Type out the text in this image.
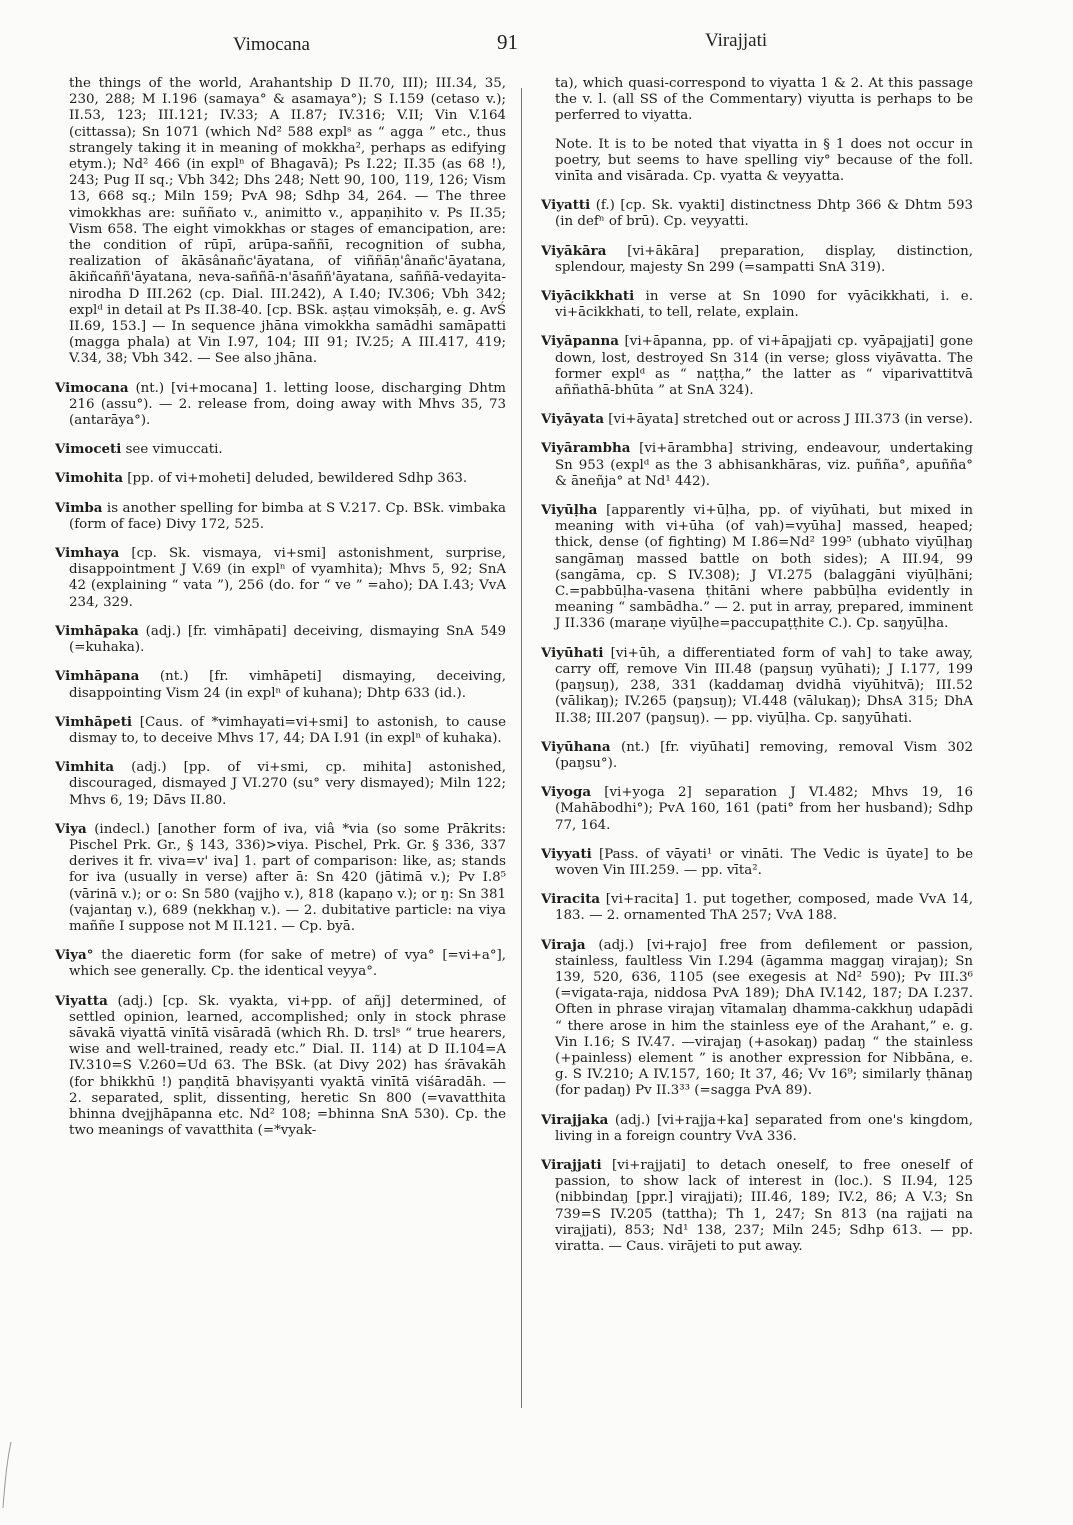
Vimocana	91	Virajjati

the things of the world, Arahantship D II.70, III); III.34, 35, 230, 288; M I.196 (samaya° & asamaya°); S I.159 (cetaso v.); II.53, 123; III.121; IV.33; A II.87; IV.316; V.II; Vin V.164 (cittassa); Sn 1071 (which Nd² 588 explˢ as “ agga ” etc., thus strangely taking it in meaning of mokkha², perhaps as edifying etym.); Nd² 466 (in explⁿ of Bhagavā); Ps I.22; II.35 (as 68 !), 243; Pug II sq.; Vbh 342; Dhs 248; Nett 90, 100, 119, 126; Vism 13, 668 sq.; Miln 159; PvA 98; Sdhp 34, 264. — The three vimokkhas are: suññato v., animitto v., appaṇihito v. Ps II.35; Vism 658. The eight vimokkhas or stages of emancipation, are: the condition of rūpī, arūpa-saññī, recognition of subha, realization of ākāsânañc'āyatana, of viññāṇ'ânañc'āyatana, ākiñcaññ'āyatana, neva-saññā-n'āsaññ'āyatana, saññā-vedayita-nirodha D III.262 (cp. Dial. III.242), A I.40; IV.306; Vbh 342; explᵈ in detail at Ps II.38-40. [cp. BSk. aṣṭau vimokṣāḥ, e. g. AvŚ II.69, 153.] — In sequence jhāna vimokkha samādhi samāpatti (magga phala) at Vin I.97, 104; III 91; IV.25; A III.417, 419; V.34, 38; Vbh 342. — See also jhāna.

Vimocana (nt.) [vi+mocana] 1. letting loose, discharging Dhtm 216 (assu°). — 2. release from, doing away with Mhvs 35, 73 (antarāya°).

Vimoceti see vimuccati.

Vimohita [pp. of vi+moheti] deluded, bewildered Sdhp 363.

Vimba is another spelling for bimba at S V.217. Cp. BSk. vimbaka (form of face) Divy 172, 525.

Vimhaya [cp. Sk. vismaya, vi+smi] astonishment, surprise, disappointment J V.69 (in explⁿ of vyamhita); Mhvs 5, 92; SnA 42 (explaining “ vata ”), 256 (do. for “ ve ” =aho); DA I.43; VvA 234, 329.

Vimhāpaka (adj.) [fr. vimhāpati] deceiving, dismaying SnA 549 (=kuhaka).

Vimhāpana (nt.) [fr. vimhāpeti] dismaying, deceiving, disappointing Vism 24 (in explⁿ of kuhana); Dhtp 633 (id.).

Vimhāpeti [Caus. of *vimhayati=vi+smi] to astonish, to cause dismay to, to deceive Mhvs 17, 44; DA I.91 (in explⁿ of kuhaka).

Vimhita (adj.) [pp. of vi+smi, cp. mihita] astonished, discouraged, dismayed J VI.270 (su° very dismayed); Miln 122; Mhvs 6, 19; Dāvs II.80.

Viya (indecl.) [another form of iva, viâ *via (so some Prākrits: Pischel Prk. Gr., § 143, 336)>viya. Pischel, Prk. Gr. § 336, 337 derives it fr. viva=v' iva] 1. part of comparison: like, as; stands for iva (usually in verse) after ā: Sn 420 (jātimā v.); Pv I.8⁵ (vārinā v.); or o: Sn 580 (vajjho v.), 818 (kapaṇo v.); or ŋ: Sn 381 (vajantaŋ v.), 689 (nekkhaŋ v.). — 2. dubitative particle: na viya maññe I suppose not M II.121. — Cp. byā.

Viya° the diaeretic form (for sake of metre) of vya° [=vi+a°], which see generally. Cp. the identical veyya°.

Viyatta (adj.) [cp. Sk. vyakta, vi+pp. of añj] determined, of settled opinion, learned, accomplished; only in stock phrase sāvakā viyattā vinītā visāradā (which Rh. D. trslˢ “ true hearers, wise and well-trained, ready etc.” Dial. II. 114) at D II.104=A IV.310=S V.260=Ud 63. The BSk. (at Divy 202) has śrāvakāh (for bhikkhū !) paṇḍitā bhaviṣyanti vyaktā vinītā viśāradāh. — 2. separated, split, dissenting, heretic Sn 800 (=vavatthita bhinna dvejjhāpanna etc. Nd² 108; =bhinna SnA 530). Cp. the two meanings of vavatthita (=*vyak-

ta), which quasi-correspond to viyatta 1 & 2. At this passage the v. l. (all SS of the Commentary) viyutta is perhaps to be perferred to viyatta.

Note. It is to be noted that viyatta in § 1 does not occur in poetry, but seems to have spelling viy° because of the foll. vinīta and visārada. Cp. vyatta & veyyatta.

Viyatti (f.) [cp. Sk. vyakti] distinctness Dhtp 366 & Dhtm 593 (in defⁿ of brū). Cp. veyyatti.

Viyākāra [vi+ākāra] preparation, display, distinction, splendour, majesty Sn 299 (=sampatti SnA 319).

Viyācikkhati in verse at Sn 1090 for vyācikkhati, i. e. vi+ācikkhati, to tell, relate, explain.

Viyāpanna [vi+āpanna, pp. of vi+āpajjati cp. vyāpajjati] gone down, lost, destroyed Sn 314 (in verse; gloss viyāvatta. The former explᵈ as “ naṭṭha,” the latter as “ viparivattitvā aññathā-bhūta ” at SnA 324).

Viyāyata [vi+āyata] stretched out or across J III.373 (in verse).

Viyārambha [vi+ārambha] striving, endeavour, undertaking Sn 953 (explᵈ as the 3 abhisankhāras, viz. puñña°, apuñña° & āneñja° at Nd¹ 442).

Viyūḷha [apparently vi+ūḷha, pp. of viyūhati, but mixed in meaning with vi+ūha (of vah)=vyūha] massed, heaped; thick, dense (of fighting) M I.86=Nd² 199⁵ (ubhato viyūḷhaŋ sangāmaŋ massed battle on both sides); A III.94, 99 (sangāma, cp. S IV.308); J VI.275 (balaggāni viyūḷhāni; C.=pabbūḷha-vasena ṭhitāni where pabbūḷha evidently in meaning “ sambādha.” — 2. put in array, prepared, imminent J II.336 (maraṇe viyūḷhe=paccupaṭṭhite C.). Cp. saŋyūḷha.

Viyūhati [vi+ūh, a differentiated form of vah] to take away, carry off, remove Vin III.48 (paŋsuŋ vyūhati); J I.177, 199 (paŋsuŋ), 238, 331 (kaddamaŋ dvidhā viyūhitvā); III.52 (vālikaŋ); IV.265 (paŋsuŋ); VI.448 (vālukaŋ); DhsA 315; DhA II.38; III.207 (paŋsuŋ). — pp. viyūḷha. Cp. saŋyūhati.

Viyūhana (nt.) [fr. viyūhati] removing, removal Vism 302 (paŋsu°).

Viyoga [vi+yoga 2] separation J VI.482; Mhvs 19, 16 (Mahābodhi°); PvA 160, 161 (pati° from her husband); Sdhp 77, 164.

Viyyati [Pass. of vāyati¹ or vināti. The Vedic is ūyate] to be woven Vin III.259. — pp. vīta².

Viracita [vi+racita] 1. put together, composed, made VvA 14, 183. — 2. ornamented ThA 257; VvA 188.

Viraja (adj.) [vi+rajo] free from defilement or passion, stainless, faultless Vin I.294 (āgamma maggaŋ virajaŋ); Sn 139, 520, 636, 1105 (see exegesis at Nd² 590); Pv III.3⁶ (=vigata-raja, niddosa PvA 189); DhA IV.142, 187; DA I.237. Often in phrase virajaŋ vītamalaŋ dhamma-cakkhuŋ udapādi “ there arose in him the stainless eye of the Arahant,” e. g. Vin I.16; S IV.47. —virajaŋ (+asokaŋ) padaŋ “ the stainless (+painless) element ” is another expression for Nibbāna, e. g. S IV.210; A IV.157, 160; It 37, 46; Vv 16⁹; similarly ṭhānaŋ (for padaŋ) Pv II.3³³ (=sagga PvA 89).

Virajjaka (adj.) [vi+rajja+ka] separated from one's kingdom, living in a foreign country VvA 336.

Virajjati [vi+rajjati] to detach oneself, to free oneself of passion, to show lack of interest in (loc.). S II.94, 125 (nibbindaŋ [ppr.] virajjati); III.46, 189; IV.2, 86; A V.3; Sn 739=S IV.205 (tattha); Th 1, 247; Sn 813 (na rajjati na virajjati), 853; Nd¹ 138, 237; Miln 245; Sdhp 613. — pp. viratta. — Caus. virājeti to put away.
